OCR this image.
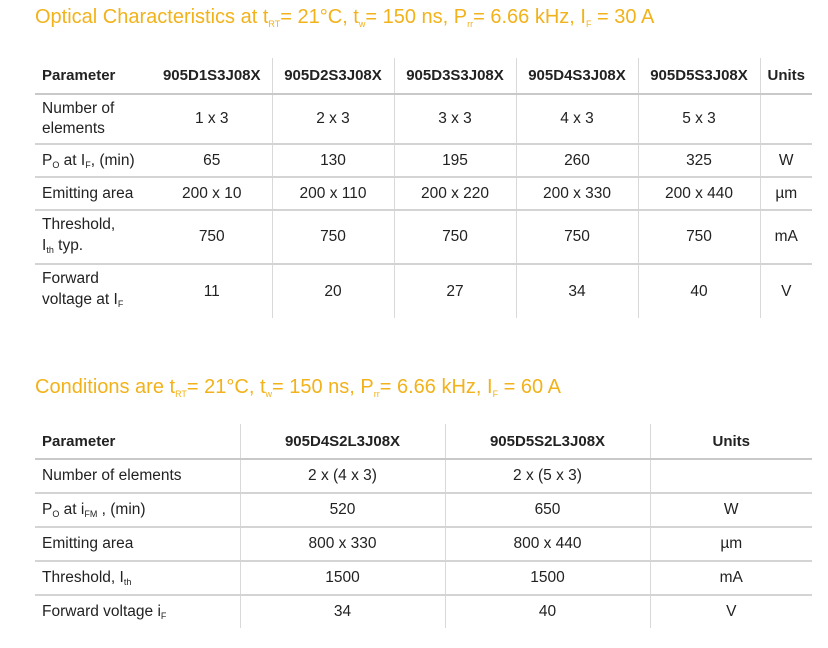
Optical Characteristics at $t_{RT}= 21^\circ C$, $t_w= 150$ ns, $P_{rr}= 6.66$ kHz, $I_F = 30$ A
Parameter	905D1S3J08X	905D2S3J08X	905D3S3J08X	905D4S3J08X	905D5S3J08X	Units
Number of elements	1 x 3	2 x 3	3 x 3	4 x 3	5 x 3	
$P_O$ at $I_F$, (min)	65	130	195	260	325	W
Emitting area	200 x 10	200 x 110	200 x 220	200 x 330	200 x 440	µm
Threshold,
$I_{th}$ typ.	750	750	750	750	750	mA
Forward
voltage at $I_F$	11	20	27	34	40	V
Conditions are $t_{RT}= 21^\circ C$, $t_w= 150$ ns, $P_{rr}= 6.66$ kHz, $I_F = 60$ A
Parameter	905D4S2L3J08X	905D5S2L3J08X	Units
Number of elements	2 x (4 x 3)	2 x (5 x 3)	
$P_O$ at $i_{FM}$ , (min)	520	650	W
Emitting area	800 x 330	800 x 440	µm
Threshold, $I_{th}$	1500	1500	mA
Forward voltage $i_F$	34	40	V
